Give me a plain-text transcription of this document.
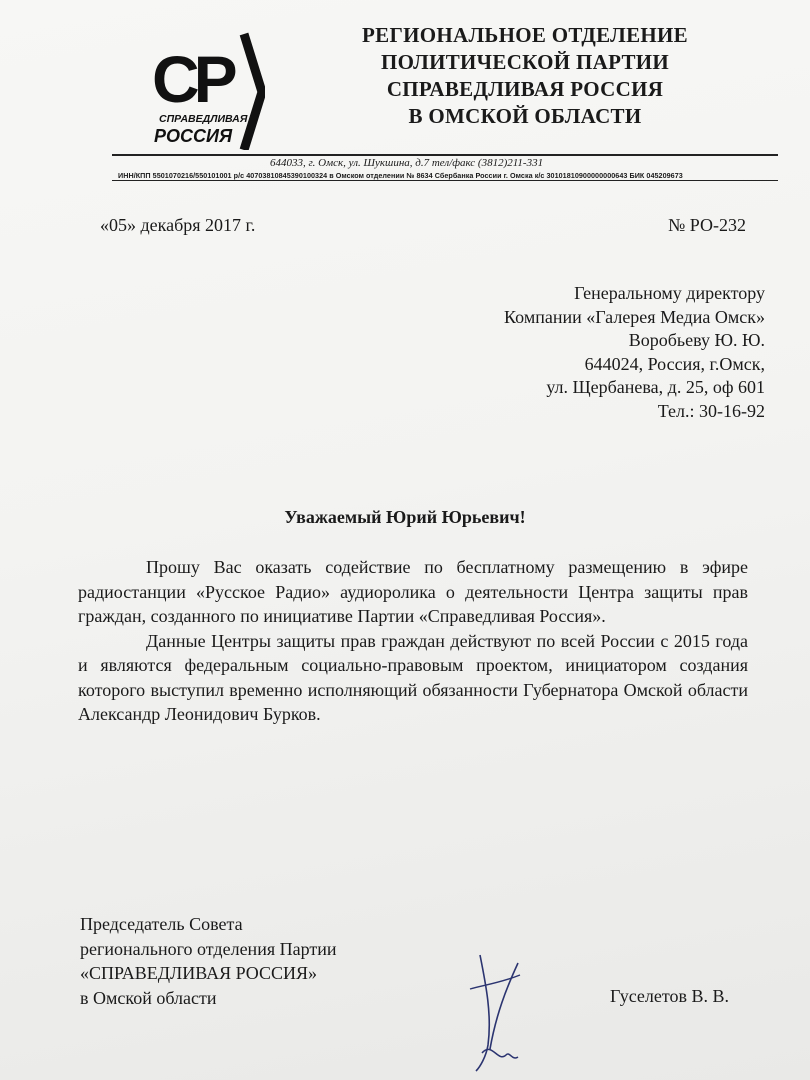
СР
СПРАВЕДЛИВАЯ
РОССИЯ
РЕГИОНАЛЬНОЕ ОТДЕЛЕНИЕ
ПОЛИТИЧЕСКОЙ ПАРТИИ
СПРАВЕДЛИВАЯ РОССИЯ
В ОМСКОЙ ОБЛАСТИ
644033, г. Омск, ул. Шукшина, д.7 тел/факс (3812)211-331
ИНН/КПП 5501070216/550101001 р/с 40703810845390100324 в Омском отделении № 8634 Сбербанка России г. Омска к/с 30101810900000000643 БИК 045209673
«05» декабря 2017 г.	№ РО-232
Генеральному директору
Компании «Галерея Медиа Омск»
Воробьеву Ю. Ю.
644024, Россия, г.Омск,
ул. Щербанева, д. 25, оф 601
Тел.: 30-16-92
Уважаемый Юрий Юрьевич!

Прошу Вас оказать содействие по бесплатному размещению в эфире радиостанции «Русское Радио» аудиоролика о деятельности Центра защиты прав граждан, созданного по инициативе Партии «Справедливая Россия».

Данные Центры защиты прав граждан действуют по всей России с 2015 года и являются федеральным социально-правовым проектом, инициатором создания которого выступил временно исполняющий обязанности Губернатора Омской области Александр Леонидович Бурков.

Председатель Совета
регионального отделения Партии
«СПРАВЕДЛИВАЯ РОССИЯ»
в Омской области	Гуселетов В. В.
